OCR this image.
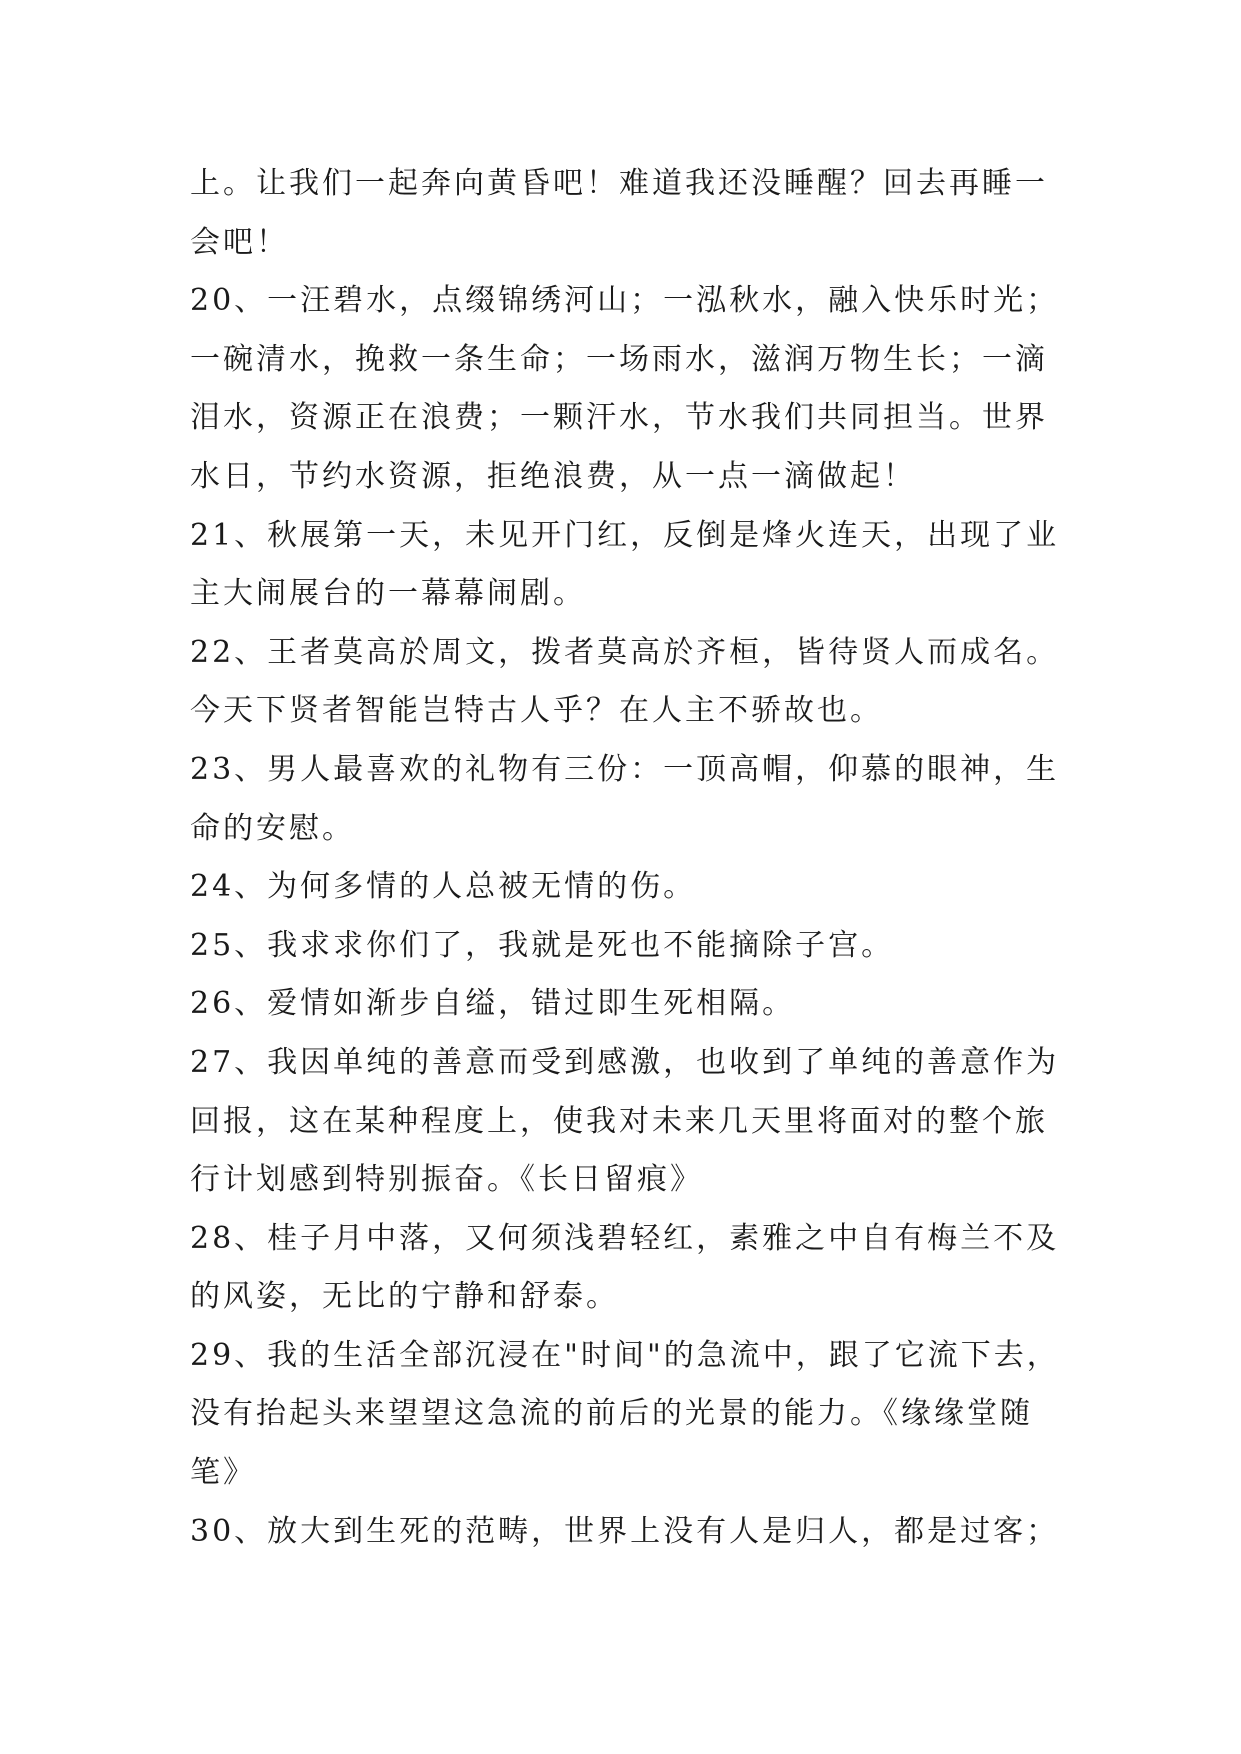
上。让我们一起奔向黄昏吧！难道我还没睡醒？回去再睡一
会吧！
20、一汪碧水，点缀锦绣河山；一泓秋水，融入快乐时光；
一碗清水，挽救一条生命；一场雨水，滋润万物生长；一滴
泪水，资源正在浪费；一颗汗水，节水我们共同担当。世界
水日，节约水资源，拒绝浪费，从一点一滴做起！
21、秋展第一天，未见开门红，反倒是烽火连天，出现了业
主大闹展台的一幕幕闹剧。
22、王者莫高於周文，拨者莫高於齐桓，皆待贤人而成名。
今天下贤者智能岂特古人乎？在人主不骄故也。
23、男人最喜欢的礼物有三份：一顶高帽，仰慕的眼神，生
命的安慰。
24、为何多情的人总被无情的伤。
25、我求求你们了，我就是死也不能摘除子宫。
26、爱情如渐步自缢，错过即生死相隔。
27、我因单纯的善意而受到感激，也收到了单纯的善意作为
回报，这在某种程度上，使我对未来几天里将面对的整个旅
行计划感到特别振奋。《长日留痕》
28、桂子月中落，又何须浅碧轻红，素雅之中自有梅兰不及
的风姿，无比的宁静和舒泰。
29、我的生活全部沉浸在"时间"的急流中，跟了它流下去，
没有抬起头来望望这急流的前后的光景的能力。《缘缘堂随
笔》
30、放大到生死的范畴，世界上没有人是归人，都是过客；
